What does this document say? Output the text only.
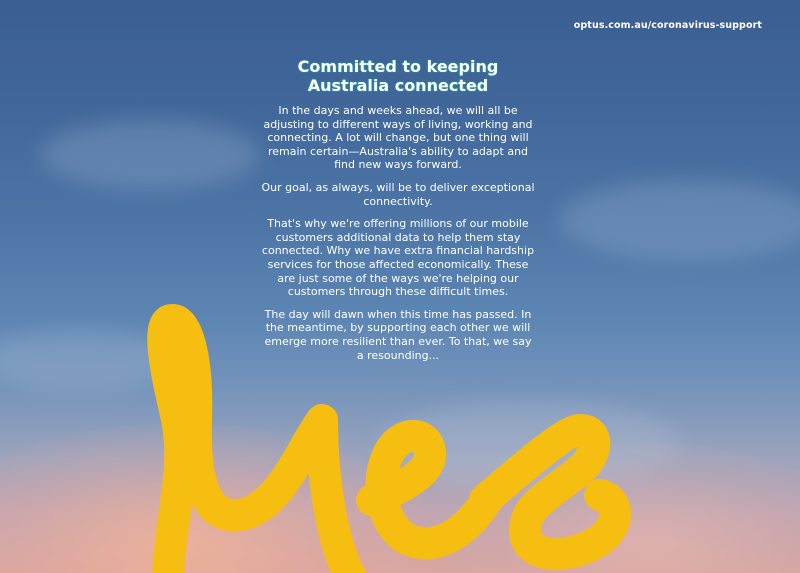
optus.com.au/coronavirus-support
Committed to keeping
Australia connected

In the days and weeks ahead, we will all be adjusting to different ways of living, working and connecting. A lot will change, but one thing will remain certain—Australia's ability to adapt and find new ways forward.

Our goal, as always, will be to deliver exceptional connectivity.

That's why we're offering millions of our mobile customers additional data to help them stay connected. Why we have extra financial hardship services for those affected economically. These are just some of the ways we're helping our customers through these difficult times.

The day will dawn when this time has passed. In the meantime, by supporting each other we will emerge more resilient than ever. To that, we say a resounding...
